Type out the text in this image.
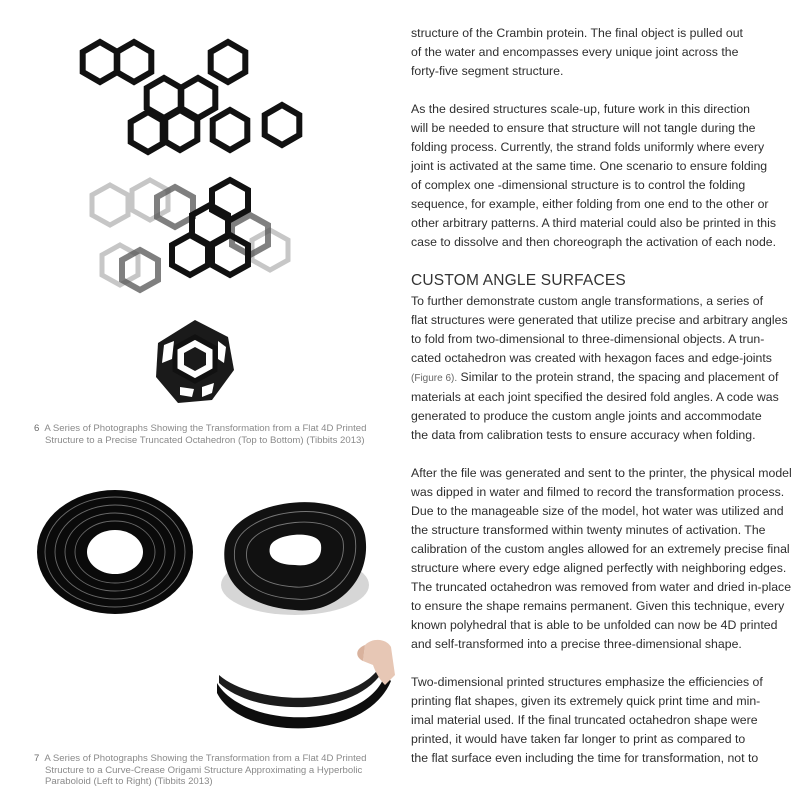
6 A Series of Photographs Showing the Transformation from a Flat 4D Printed
Structure to a Precise Truncated Octahedron (Top to Bottom) (Tibbits 2013)
7 A Series of Photographs Showing the Transformation from a Flat 4D Printed
Structure to a Curve-Crease Origami Structure Approximating a Hyperbolic
Paraboloid (Left to Right) (Tibbits 2013)

structure of the Crambin protein. The final object is pulled out
of the water and encompasses every unique joint across the
forty-five segment structure.

As the desired structures scale-up, future work in this direction
will be needed to ensure that structure will not tangle during the
folding process. Currently, the strand folds uniformly where every
joint is activated at the same time. One scenario to ensure folding
of complex one -dimensional structure is to control the folding
sequence, for example, either folding from one end to the other or
other arbitrary patterns. A third material could also be printed in this
case to dissolve and then choreograph the activation of each node.

CUSTOM ANGLE SURFACES

To further demonstrate custom angle transformations, a series of
flat structures were generated that utilize precise and arbitrary angles
to fold from two-dimensional to three-dimensional objects. A trun-
cated octahedron was created with hexagon faces and edge-joints
(Figure 6). Similar to the protein strand, the spacing and placement of
materials at each joint specified the desired fold angles. A code was
generated to produce the custom angle joints and accommodate
the data from calibration tests to ensure accuracy when folding.

After the file was generated and sent to the printer, the physical model
was dipped in water and filmed to record the transformation process.
Due to the manageable size of the model, hot water was utilized and
the structure transformed within twenty minutes of activation. The
calibration of the custom angles allowed for an extremely precise final
structure where every edge aligned perfectly with neighboring edges.
The truncated octahedron was removed from water and dried in-place
to ensure the shape remains permanent. Given this technique, every
known polyhedral that is able to be unfolded can now be 4D printed
and self-transformed into a precise three-dimensional shape.

Two-dimensional printed structures emphasize the efficiencies of
printing flat shapes, given its extremely quick print time and min-
imal material used. If the final truncated octahedron shape were
printed, it would have taken far longer to print as compared to
the flat surface even including the time for transformation, not to
